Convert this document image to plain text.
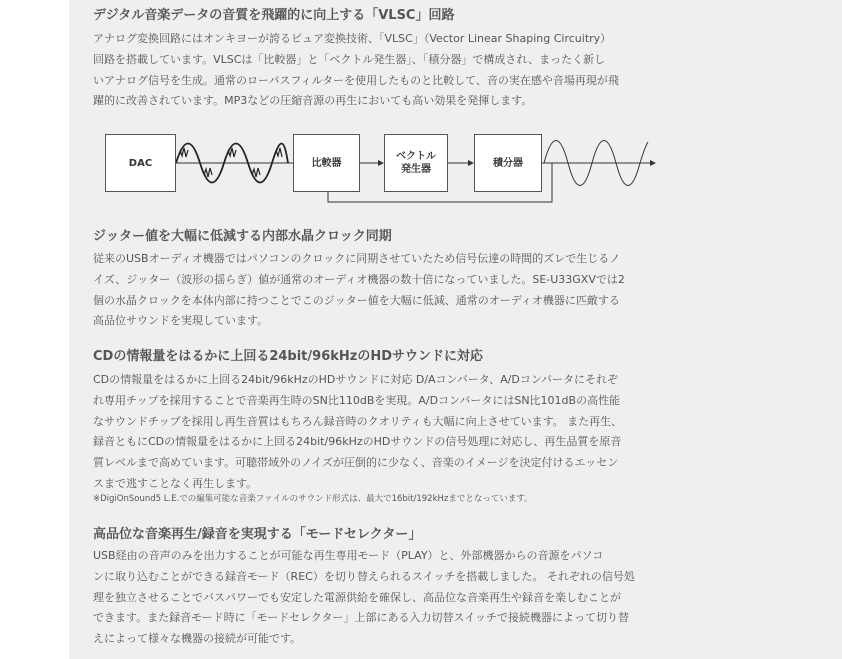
デジタル音楽データの音質を飛躍的に向上する「VLSC」回路
アナログ変換回路にはオンキヨーが誇るピュア変換技術、「VLSC」（Vector Linear Shaping Circuitry）
回路を搭載しています。VLSCは「比較器」と「ベクトル発生器」、「積分器」で構成され、まったく新し
いアナログ信号を生成。通常のローパスフィルターを使用したものと比較して、音の実在感や音場再現が飛
躍的に改善されています。MP3などの圧縮音源の再生においても高い効果を発揮します。
ジッター値を大幅に低減する内部水晶クロック同期
従来のUSBオーディオ機器ではパソコンのクロックに同期させていたため信号伝達の時間的ズレで生じるノ
イズ、ジッター（波形の揺らぎ）値が通常のオーディオ機器の数十倍になっていました。SE-U33GXVでは2
個の水晶クロックを本体内部に持つことでこのジッター値を大幅に低減、通常のオーディオ機器に匹敵する
高品位サウンドを実現しています。
CDの情報量をはるかに上回る24bit/96kHzのHDサウンドに対応
CDの情報量をはるかに上回る24bit/96kHzのHDサウンドに対応 D/Aコンバータ、A/Dコンバータにそれぞ
れ専用チップを採用することで音楽再生時のSN比110dBを実現。A/DコンバータにはSN比101dBの高性能
なサウンドチップを採用し再生音質はもちろん録音時のクオリティも大幅に向上させています。 また再生、
録音ともにCDの情報量をはるかに上回る24bit/96kHzのHDサウンドの信号処理に対応し、再生品質を原音
質レベルまで高めています。可聴帯域外のノイズが圧倒的に少なく、音楽のイメージを決定付けるエッセン
スまで逃すことなく再生します。
※DigiOnSound5 L.E.での編集可能な音楽ファイルのサウンド形式は、最大で16bit/192kHzまでとなっています。
高品位な音楽再生/録音を実現する「モードセレクター」
USB経由の音声のみを出力することが可能な再生専用モード（PLAY）と、外部機器からの音源をパソコ
ンに取り込むことができる録音モード（REC）を切り替えられるスイッチを搭載しました。 それぞれの信号処
理を独立させることでバスパワーでも安定した電源供給を確保し、高品位な音楽再生や録音を楽しむことが
できます。また録音モード時に「モードセレクター」上部にある入力切替スイッチで接続機器によって切り替
えによって様々な機器の接続が可能です。
DAC	比較器
ベクトル
発生器
積分器
